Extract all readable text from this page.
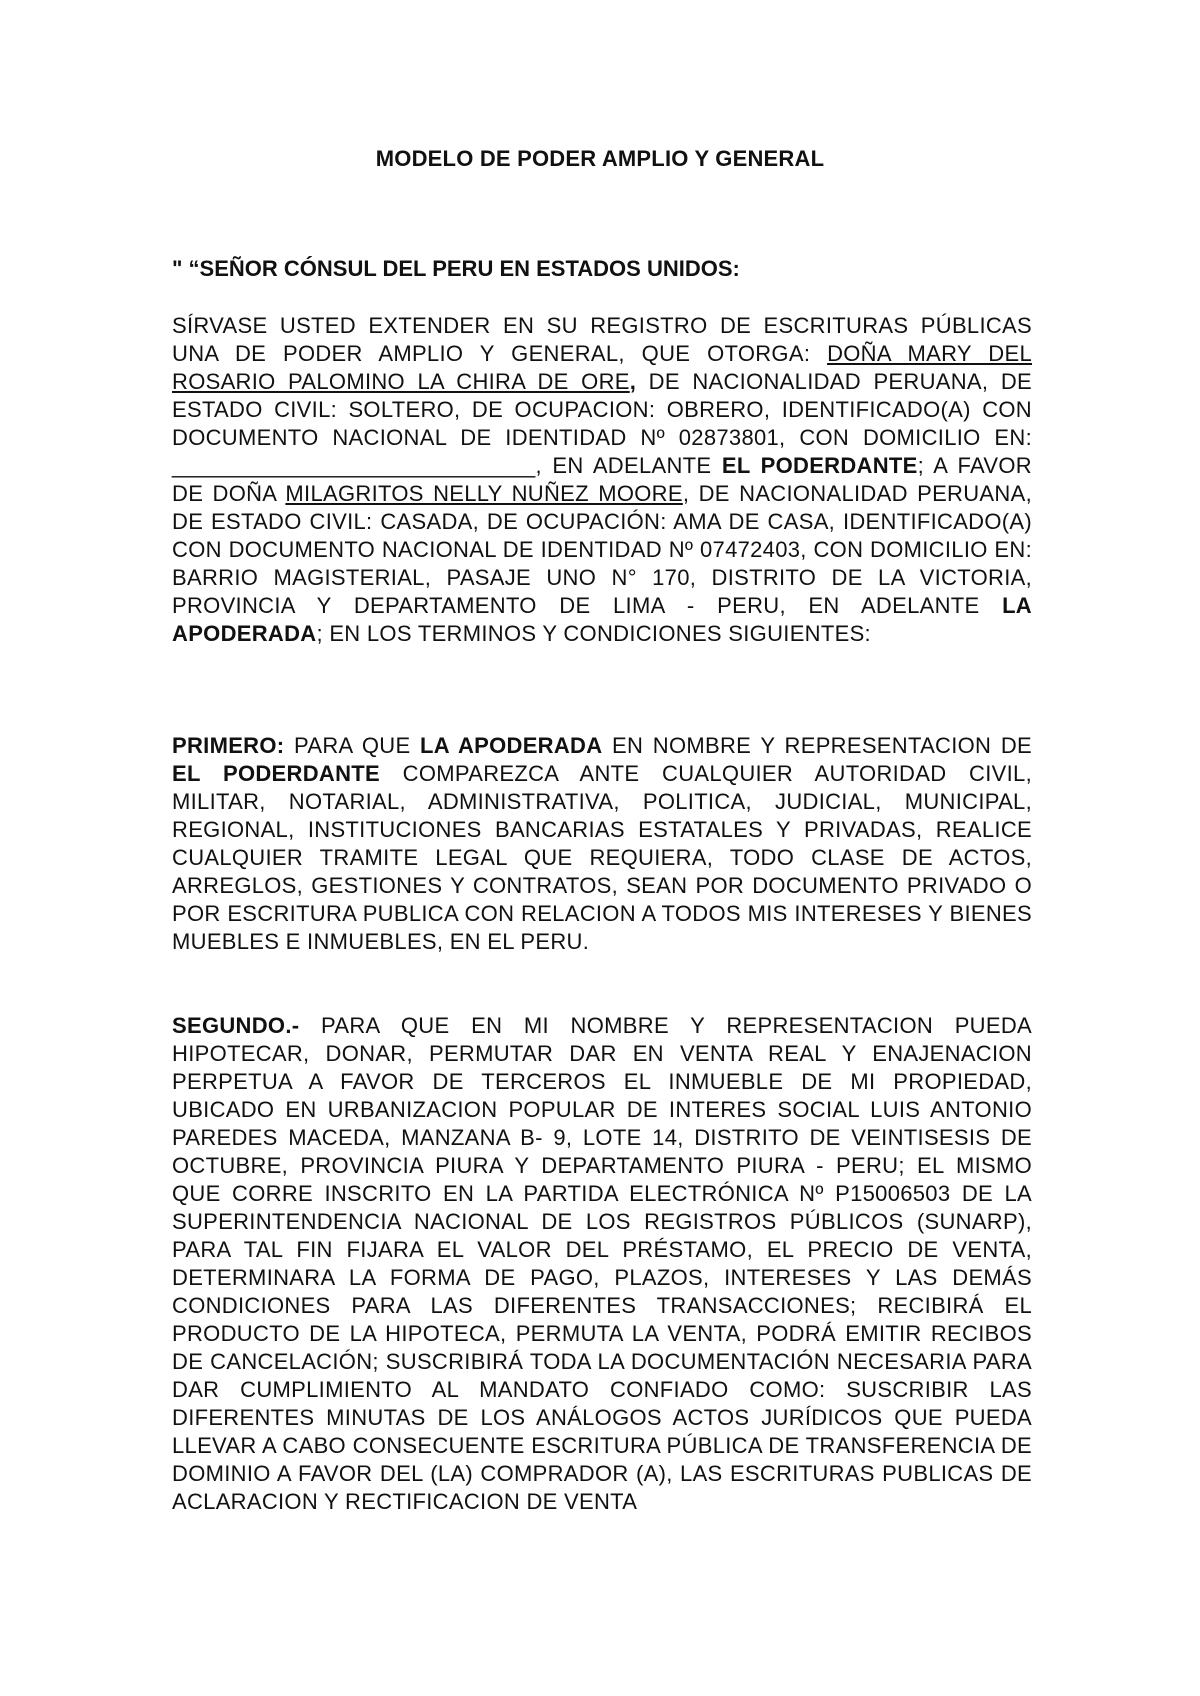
MODELO DE PODER AMPLIO Y GENERAL
" “SEÑOR CÓNSUL DEL PERU EN ESTADOS UNIDOS:

SÍRVASE USTED EXTENDER EN SU REGISTRO DE ESCRITURAS PÚBLICAS UNA DE PODER AMPLIO Y GENERAL, QUE OTORGA: DOÑA MARY DEL ROSARIO PALOMINO LA CHIRA DE ORE, DE NACIONALIDAD PERUANA, DE ESTADO CIVIL: SOLTERO, DE OCUPACION: OBRERO, IDENTIFICADO(A) CON DOCUMENTO NACIONAL DE IDENTIDAD Nº 02873801, CON DOMICILIO EN: _____________________________, EN ADELANTE EL PODERDANTE; A FAVOR DE DOÑA MILAGRITOS NELLY NUÑEZ MOORE, DE NACIONALIDAD PERUANA, DE ESTADO CIVIL: CASADA, DE OCUPACIÓN: AMA DE CASA, IDENTIFICADO(A) CON DOCUMENTO NACIONAL DE IDENTIDAD Nº 07472403, CON DOMICILIO EN: BARRIO MAGISTERIAL, PASAJE UNO N° 170, DISTRITO DE LA VICTORIA, PROVINCIA Y DEPARTAMENTO DE LIMA - PERU, EN ADELANTE LA APODERADA; EN LOS TERMINOS Y CONDICIONES SIGUIENTES:

PRIMERO: PARA QUE LA APODERADA EN NOMBRE Y REPRESENTACION DE EL PODERDANTE COMPAREZCA ANTE CUALQUIER AUTORIDAD CIVIL, MILITAR, NOTARIAL, ADMINISTRATIVA, POLITICA, JUDICIAL, MUNICIPAL, REGIONAL, INSTITUCIONES BANCARIAS ESTATALES Y PRIVADAS, REALICE CUALQUIER TRAMITE LEGAL QUE REQUIERA, TODO CLASE DE ACTOS, ARREGLOS, GESTIONES Y CONTRATOS, SEAN POR DOCUMENTO PRIVADO O POR ESCRITURA PUBLICA CON RELACION A TODOS MIS INTERESES Y BIENES MUEBLES E INMUEBLES, EN EL PERU.

SEGUNDO.- PARA QUE EN MI NOMBRE Y REPRESENTACION PUEDA HIPOTECAR, DONAR, PERMUTAR DAR EN VENTA REAL Y ENAJENACION PERPETUA A FAVOR DE TERCEROS EL INMUEBLE DE MI PROPIEDAD, UBICADO EN URBANIZACION POPULAR DE INTERES SOCIAL LUIS ANTONIO PAREDES MACEDA, MANZANA B- 9, LOTE 14, DISTRITO DE VEINTISESIS DE OCTUBRE, PROVINCIA PIURA Y DEPARTAMENTO PIURA - PERU; EL MISMO QUE CORRE INSCRITO EN LA PARTIDA ELECTRÓNICA Nº P15006503 DE LA SUPERINTENDENCIA NACIONAL DE LOS REGISTROS PÚBLICOS (SUNARP), PARA TAL FIN FIJARA EL VALOR DEL PRÉSTAMO, EL PRECIO DE VENTA, DETERMINARA LA FORMA DE PAGO, PLAZOS, INTERESES Y LAS DEMÁS CONDICIONES PARA LAS DIFERENTES TRANSACCIONES; RECIBIRÁ EL PRODUCTO DE LA HIPOTECA, PERMUTA LA VENTA, PODRÁ EMITIR RECIBOS DE CANCELACIÓN; SUSCRIBIRÁ TODA LA DOCUMENTACIÓN NECESARIA PARA DAR CUMPLIMIENTO AL MANDATO CONFIADO COMO: SUSCRIBIR LAS DIFERENTES MINUTAS DE LOS ANÁLOGOS ACTOS JURÍDICOS QUE PUEDA LLEVAR A CABO CONSECUENTE ESCRITURA PÚBLICA DE TRANSFERENCIA DE DOMINIO A FAVOR DEL (LA) COMPRADOR (A), LAS ESCRITURAS PUBLICAS DE ACLARACION Y RECTIFICACION DE VENTA
